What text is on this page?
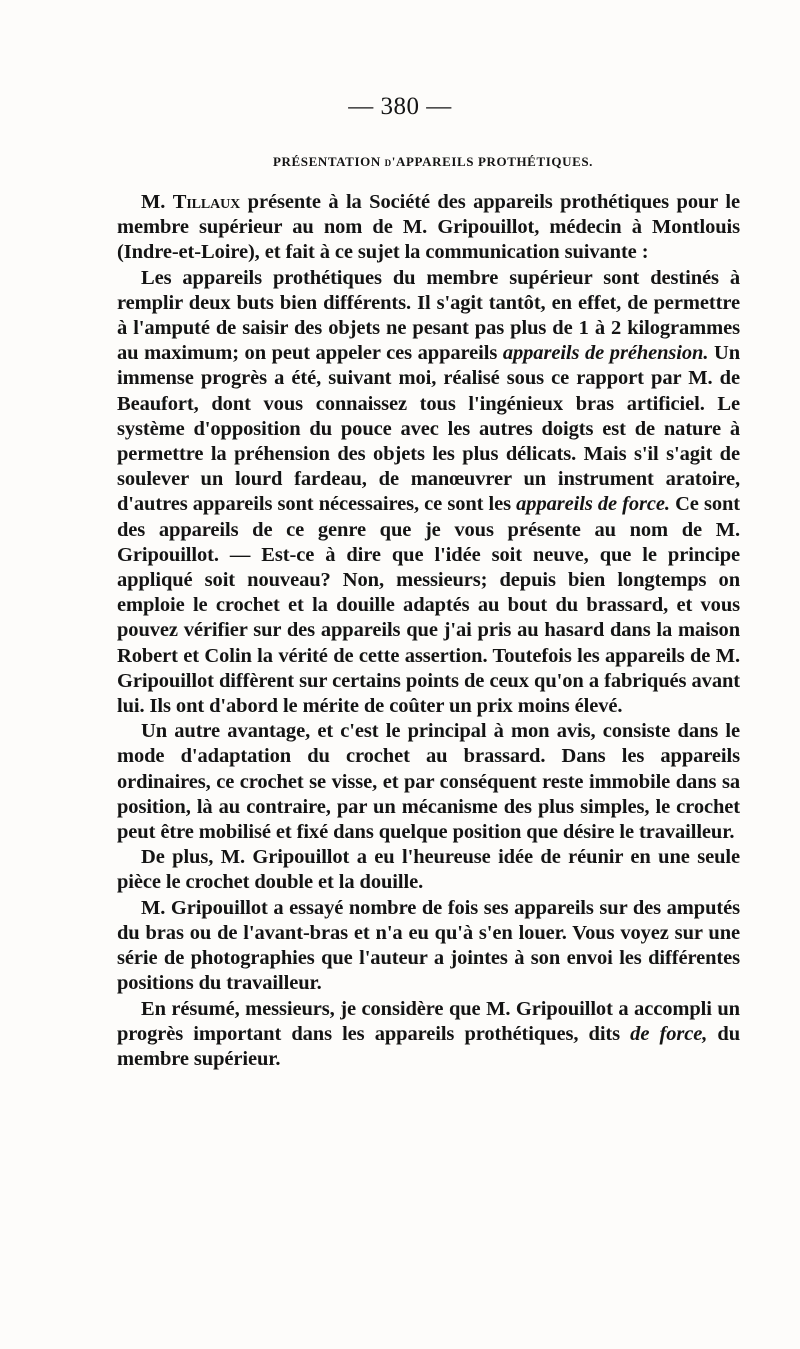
— 380 —
PRÉSENTATION d'APPAREILS PROTHÉTIQUES.

M. Tillaux présente à la Société des appareils prothétiques pour le membre supérieur au nom de M. Gripouillot, médecin à Montlouis (Indre-et-Loire), et fait à ce sujet la communication suivante :

Les appareils prothétiques du membre supérieur sont destinés à remplir deux buts bien différents. Il s'agit tantôt, en effet, de permettre à l'amputé de saisir des objets ne pesant pas plus de 1 à 2 kilogrammes au maximum; on peut appeler ces appareils appareils de préhension. Un immense progrès a été, suivant moi, réalisé sous ce rapport par M. de Beaufort, dont vous connaissez tous l'ingénieux bras artificiel. Le système d'opposition du pouce avec les autres doigts est de nature à permettre la préhension des objets les plus délicats. Mais s'il s'agit de soulever un lourd fardeau, de manœuvrer un instrument aratoire, d'autres appareils sont nécessaires, ce sont les appareils de force. Ce sont des appareils de ce genre que je vous présente au nom de M. Gripouillot. — Est-ce à dire que l'idée soit neuve, que le principe appliqué soit nouveau? Non, messieurs; depuis bien longtemps on emploie le crochet et la douille adaptés au bout du brassard, et vous pouvez vérifier sur des appareils que j'ai pris au hasard dans la maison Robert et Colin la vérité de cette assertion. Toutefois les appareils de M. Gripouillot diffèrent sur certains points de ceux qu'on a fabriqués avant lui. Ils ont d'abord le mérite de coûter un prix moins élevé.

Un autre avantage, et c'est le principal à mon avis, consiste dans le mode d'adaptation du crochet au brassard. Dans les appareils ordinaires, ce crochet se visse, et par conséquent reste immobile dans sa position, là au contraire, par un mécanisme des plus simples, le crochet peut être mobilisé et fixé dans quelque position que désire le travailleur.

De plus, M. Gripouillot a eu l'heureuse idée de réunir en une seule pièce le crochet double et la douille.

M. Gripouillot a essayé nombre de fois ses appareils sur des amputés du bras ou de l'avant-bras et n'a eu qu'à s'en louer. Vous voyez sur une série de photographies que l'auteur a jointes à son envoi les différentes positions du travailleur.

En résumé, messieurs, je considère que M. Gripouillot a accompli un progrès important dans les appareils prothétiques, dits de force, du membre supérieur.
